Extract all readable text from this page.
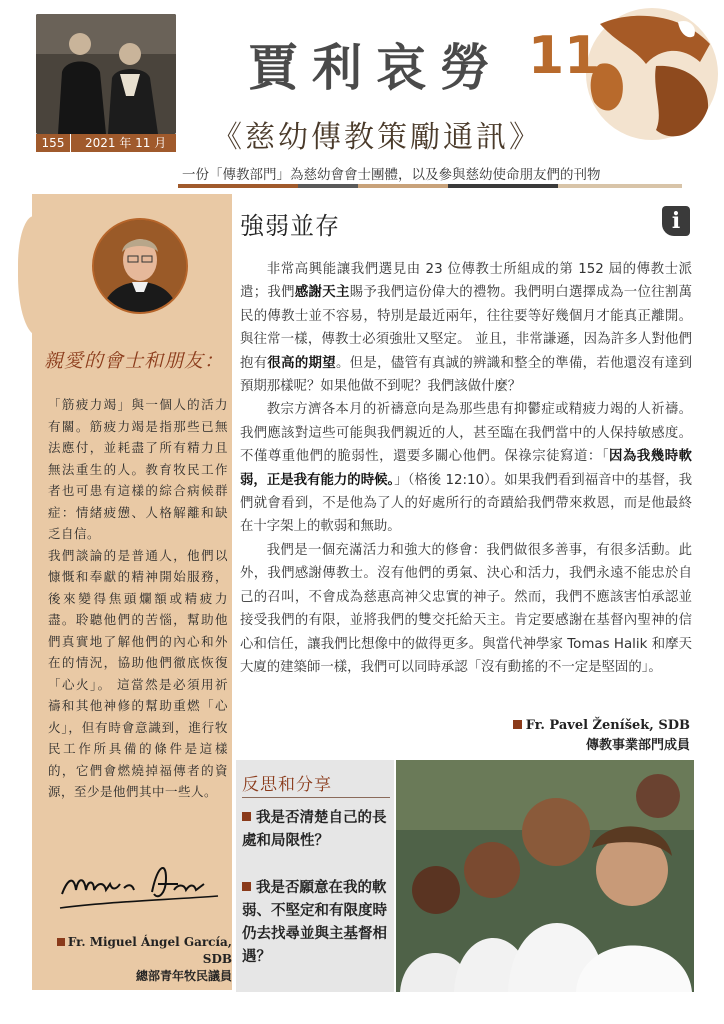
155	2021 年 11 月
賈利哀勞 11
《慈幼傳教策勵通訊》
一份「傳教部門」為慈幼會會士團體，以及參與慈幼使命朋友們的刊物
親愛的會士和朋友：

「筋疲力竭」與一個人的活力有關。筋疲力竭是指那些已無法應付，並耗盡了所有精力且無法重生的人。教育牧民工作者也可患有這樣的綜合病候群症：情緒疲憊、人格解離和缺乏自信。

我們談論的是普通人，他們以慷慨和奉獻的精神開始服務，後來變得焦頭爛額或精疲力盡。聆聽他們的苦惱，幫助他們真實地了解他們的內心和外在的情況，協助他們徹底恢復「心火」。 這當然是必須用祈禱和其他神修的幫助重燃「心火」，但有時會意識到，進行牧民工作所具備的條件是這樣的，它們會燃燒掉福傳者的資源，至少是他們其中一些人。

Fr. Miguel Ángel García, SDB
總部青年牧民議員
強弱並存	i

非常高興能讓我們選見由 23 位傳教士所組成的第 152 屆的傳教士派遣；我們感謝天主賜予我們這份偉大的禮物。我們明白選擇成為一位往割萬民的傳教士並不容易，特別是最近兩年，往往要等好幾個月才能真正離開。 與往常一樣，傳教士必須強壯又堅定。 並且，非常謙遜，因為許多人對他們抱有很高的期望。但是，儘管有真誠的辨識和整全的準備，若他還沒有達到預期那樣呢？如果他做不到呢？我們該做什麼？

教宗方濟各本月的祈禱意向是為那些患有抑鬱症或精疲力竭的人祈禱。我們應該對這些可能與我們親近的人，甚至臨在我們當中的人保持敏感度。不僅尊重他們的脆弱性，還要多關心他們。保祿宗徒寫道：「因為我幾時軟弱，正是我有能力的時候。」（格後 12:10）。如果我們看到福音中的基督，我們就會看到，不是他為了人的好處所行的奇蹟給我們帶來救恩，而是他最終在十字架上的軟弱和無助。

我們是一個充滿活力和強大的修會：我們做很多善事，有很多活動。此外，我們感謝傳教士。沒有他們的勇氣、決心和活力，我們永遠不能忠於自己的召叫，不會成為慈惠高神父忠實的神子。然而，我們不應該害怕承認並接受我們的有限，並將我們的雙交托給天主。肯定要感謝在基督內聖神的信心和信任，讓我們比想像中的做得更多。與當代神學家 Tomas Halik 和摩天大廈的建築師一樣，我們可以同時承認「沒有動搖的不一定是堅固的」。

Fr. Pavel Ženíšek, SDB
傳教事業部門成員
反思和分享
我是否清楚自己的長處和局限性？
我是否願意在我的軟弱、不堅定和有限度時仍去找尋並與主基督相遇？
